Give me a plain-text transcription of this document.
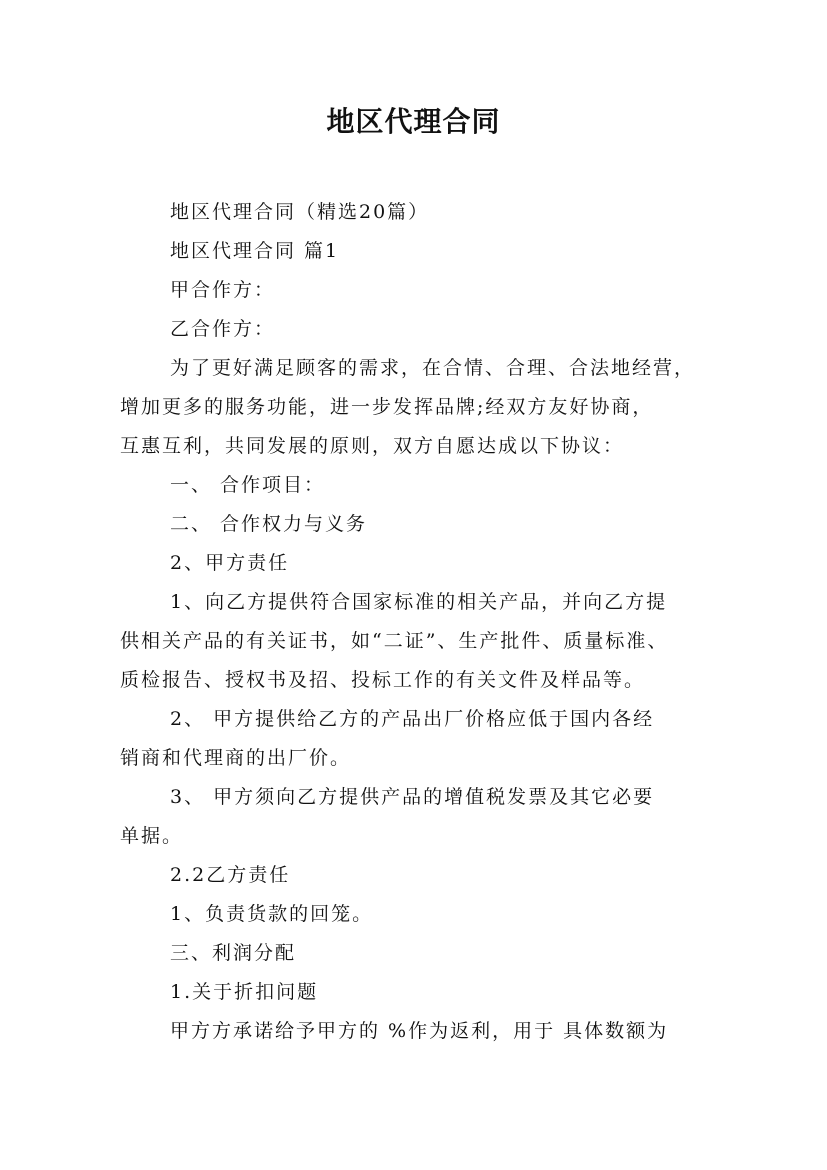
地区代理合同

地区代理合同（精选20篇）

地区代理合同 篇1

甲合作方：

乙合作方：

为了更好满足顾客的需求，在合情、合理、合法地经营，

增加更多的服务功能，进一步发挥品牌;经双方友好协商，

互惠互利，共同发展的原则，双方自愿达成以下协议：

一、 合作项目：

二、 合作权力与义务

2、甲方责任

1、向乙方提供符合国家标准的相关产品，并向乙方提

供相关产品的有关证书，如“二证”、生产批件、质量标准、

质检报告、授权书及招、投标工作的有关文件及样品等。

2、 甲方提供给乙方的产品出厂价格应低于国内各经

销商和代理商的出厂价。

3、 甲方须向乙方提供产品的增值税发票及其它必要

单据。

2.2乙方责任

1、负责货款的回笼。

三、利润分配

1.关于折扣问题

甲方方承诺给予甲方的 %作为返利，用于 具体数额为
